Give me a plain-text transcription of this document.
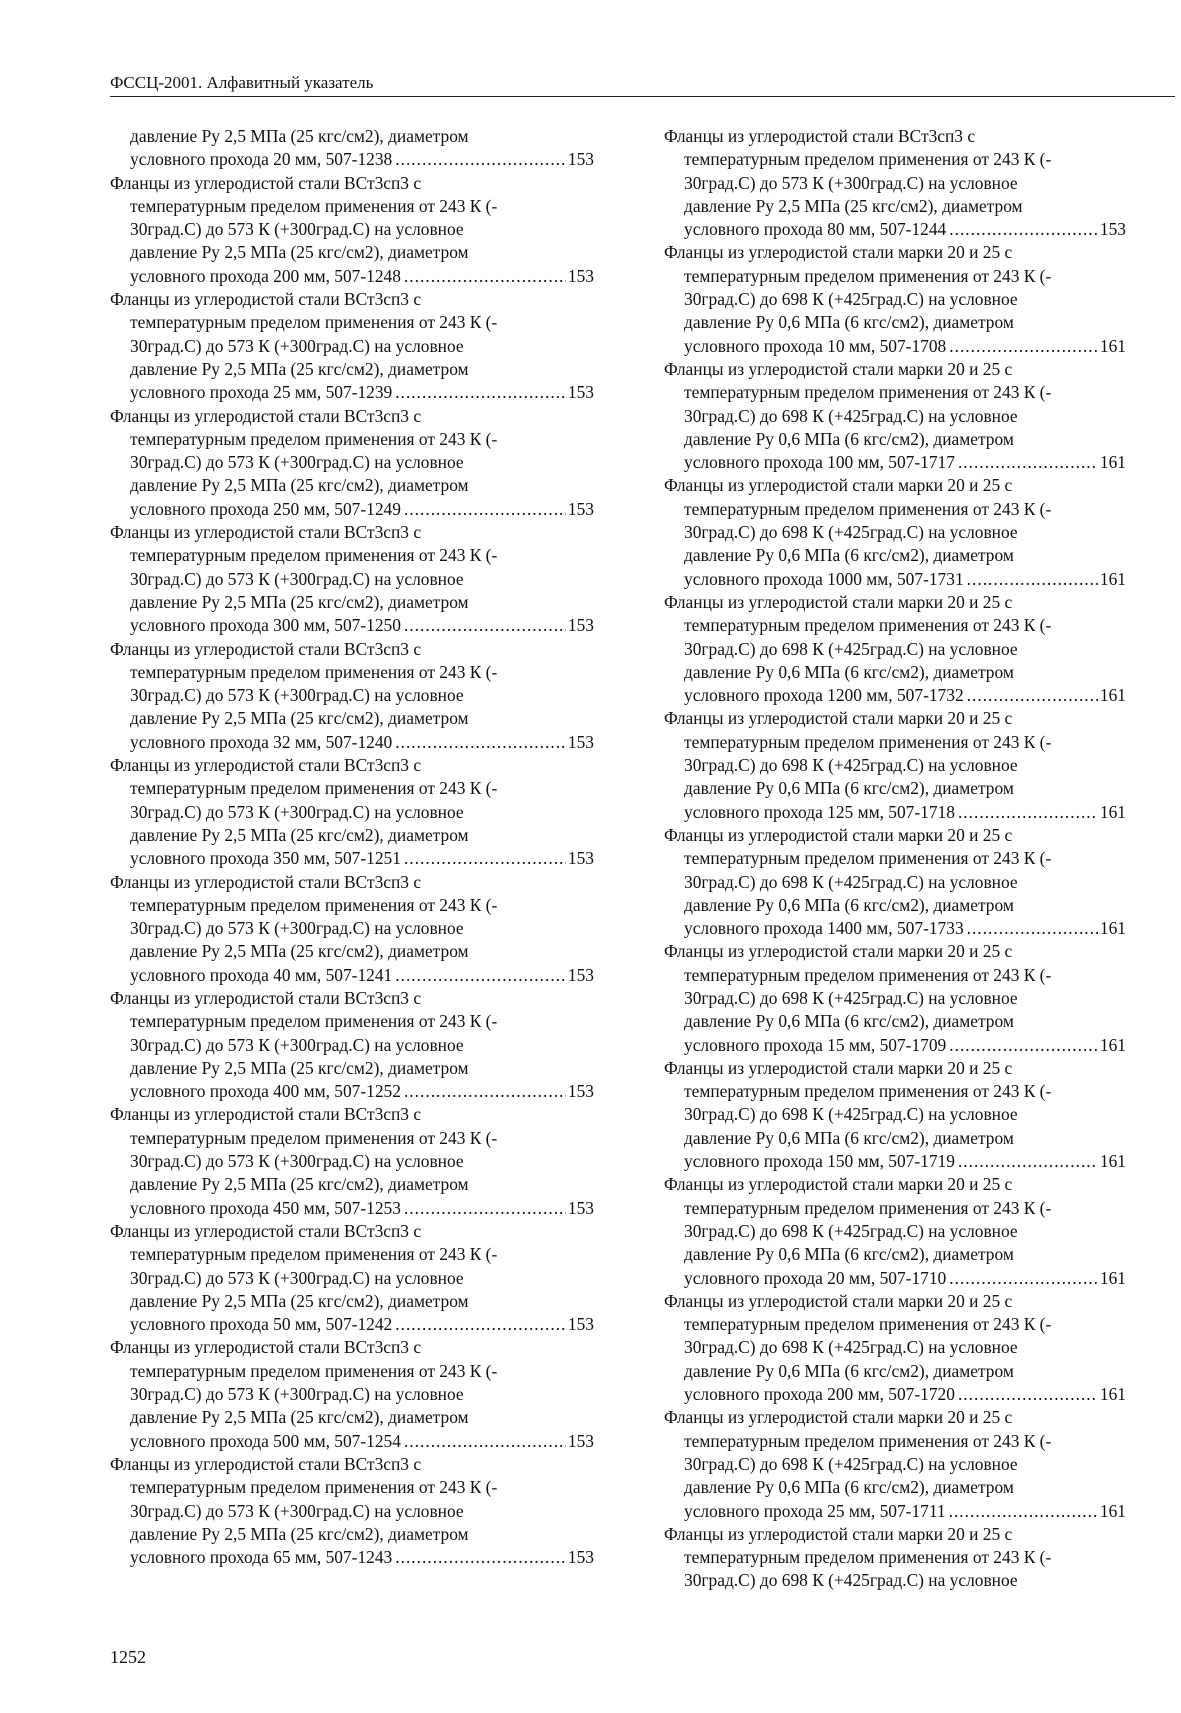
ФССЦ-2001. Алфавитный указатель
давление Ру 2,5 МПа (25 кгс/см2), диаметром
условного прохода 20 мм, 507-1238 .....	153
Фланцы из углеродистой стали ВСт3сп3 с
температурным пределом применения от 243 К (-
30град.С) до 573 К (+300град.С) на условное
давление Ру 2,5 МПа (25 кгс/см2), диаметром
условного прохода 200 мм, 507-1248 .....	153
Фланцы из углеродистой стали ВСт3сп3 с
температурным пределом применения от 243 К (-
30град.С) до 573 К (+300град.С) на условное
давление Ру 2,5 МПа (25 кгс/см2), диаметром
условного прохода 25 мм, 507-1239 .....	153
Фланцы из углеродистой стали ВСт3сп3 с
температурным пределом применения от 243 К (-
30град.С) до 573 К (+300град.С) на условное
давление Ру 2,5 МПа (25 кгс/см2), диаметром
условного прохода 250 мм, 507-1249 .....	153
Фланцы из углеродистой стали ВСт3сп3 с
температурным пределом применения от 243 К (-
30град.С) до 573 К (+300град.С) на условное
давление Ру 2,5 МПа (25 кгс/см2), диаметром
условного прохода 300 мм, 507-1250 .....	153
Фланцы из углеродистой стали ВСт3сп3 с
температурным пределом применения от 243 К (-
30град.С) до 573 К (+300град.С) на условное
давление Ру 2,5 МПа (25 кгс/см2), диаметром
условного прохода 32 мм, 507-1240 .....	153
Фланцы из углеродистой стали ВСт3сп3 с
температурным пределом применения от 243 К (-
30град.С) до 573 К (+300град.С) на условное
давление Ру 2,5 МПа (25 кгс/см2), диаметром
условного прохода 350 мм, 507-1251 .....	153
Фланцы из углеродистой стали ВСт3сп3 с
температурным пределом применения от 243 К (-
30град.С) до 573 К (+300град.С) на условное
давление Ру 2,5 МПа (25 кгс/см2), диаметром
условного прохода 40 мм, 507-1241 .....	153
Фланцы из углеродистой стали ВСт3сп3 с
температурным пределом применения от 243 К (-
30град.С) до 573 К (+300град.С) на условное
давление Ру 2,5 МПа (25 кгс/см2), диаметром
условного прохода 400 мм, 507-1252 .....	153
Фланцы из углеродистой стали ВСт3сп3 с
температурным пределом применения от 243 К (-
30град.С) до 573 К (+300град.С) на условное
давление Ру 2,5 МПа (25 кгс/см2), диаметром
условного прохода 450 мм, 507-1253 .....	153
Фланцы из углеродистой стали ВСт3сп3 с
температурным пределом применения от 243 К (-
30град.С) до 573 К (+300град.С) на условное
давление Ру 2,5 МПа (25 кгс/см2), диаметром
условного прохода 50 мм, 507-1242 .....	153
Фланцы из углеродистой стали ВСт3сп3 с
температурным пределом применения от 243 К (-
30град.С) до 573 К (+300град.С) на условное
давление Ру 2,5 МПа (25 кгс/см2), диаметром
условного прохода 500 мм, 507-1254 .....	153
Фланцы из углеродистой стали ВСт3сп3 с
температурным пределом применения от 243 К (-
30град.С) до 573 К (+300град.С) на условное
давление Ру 2,5 МПа (25 кгс/см2), диаметром
условного прохода 65 мм, 507-1243 .....	153
Фланцы из углеродистой стали ВСт3сп3 с
температурным пределом применения от 243 К (-
30град.С) до 573 К (+300град.С) на условное
давление Ру 2,5 МПа (25 кгс/см2), диаметром
условного прохода 80 мм, 507-1244 .....	153
Фланцы из углеродистой стали марки 20 и 25 с
температурным пределом применения от 243 К (-
30град.С) до 698 К (+425град.С) на условное
давление Ру 0,6 МПа (6 кгс/см2), диаметром
условного прохода 10 мм, 507-1708 .....	161
Фланцы из углеродистой стали марки 20 и 25 с
температурным пределом применения от 243 К (-
30град.С) до 698 К (+425град.С) на условное
давление Ру 0,6 МПа (6 кгс/см2), диаметром
условного прохода 100 мм, 507-1717 .....	161
Фланцы из углеродистой стали марки 20 и 25 с
температурным пределом применения от 243 К (-
30град.С) до 698 К (+425град.С) на условное
давление Ру 0,6 МПа (6 кгс/см2), диаметром
условного прохода 1000 мм, 507-1731 .....	161
Фланцы из углеродистой стали марки 20 и 25 с
температурным пределом применения от 243 К (-
30град.С) до 698 К (+425град.С) на условное
давление Ру 0,6 МПа (6 кгс/см2), диаметром
условного прохода 1200 мм, 507-1732 .....	161
Фланцы из углеродистой стали марки 20 и 25 с
температурным пределом применения от 243 К (-
30град.С) до 698 К (+425град.С) на условное
давление Ру 0,6 МПа (6 кгс/см2), диаметром
условного прохода 125 мм, 507-1718 .....	161
Фланцы из углеродистой стали марки 20 и 25 с
температурным пределом применения от 243 К (-
30град.С) до 698 К (+425град.С) на условное
давление Ру 0,6 МПа (6 кгс/см2), диаметром
условного прохода 1400 мм, 507-1733 .....	161
Фланцы из углеродистой стали марки 20 и 25 с
температурным пределом применения от 243 К (-
30град.С) до 698 К (+425град.С) на условное
давление Ру 0,6 МПа (6 кгс/см2), диаметром
условного прохода 15 мм, 507-1709 .....	161
Фланцы из углеродистой стали марки 20 и 25 с
температурным пределом применения от 243 К (-
30град.С) до 698 К (+425град.С) на условное
давление Ру 0,6 МПа (6 кгс/см2), диаметром
условного прохода 150 мм, 507-1719 .....	161
Фланцы из углеродистой стали марки 20 и 25 с
температурным пределом применения от 243 К (-
30град.С) до 698 К (+425град.С) на условное
давление Ру 0,6 МПа (6 кгс/см2), диаметром
условного прохода 20 мм, 507-1710 .....	161
Фланцы из углеродистой стали марки 20 и 25 с
температурным пределом применения от 243 К (-
30град.С) до 698 К (+425град.С) на условное
давление Ру 0,6 МПа (6 кгс/см2), диаметром
условного прохода 200 мм, 507-1720 .....	161
Фланцы из углеродистой стали марки 20 и 25 с
температурным пределом применения от 243 К (-
30град.С) до 698 К (+425град.С) на условное
давление Ру 0,6 МПа (6 кгс/см2), диаметром
условного прохода 25 мм, 507-1711 .....	161
Фланцы из углеродистой стали марки 20 и 25 с
температурным пределом применения от 243 К (-
30град.С) до 698 К (+425град.С) на условное
1252
